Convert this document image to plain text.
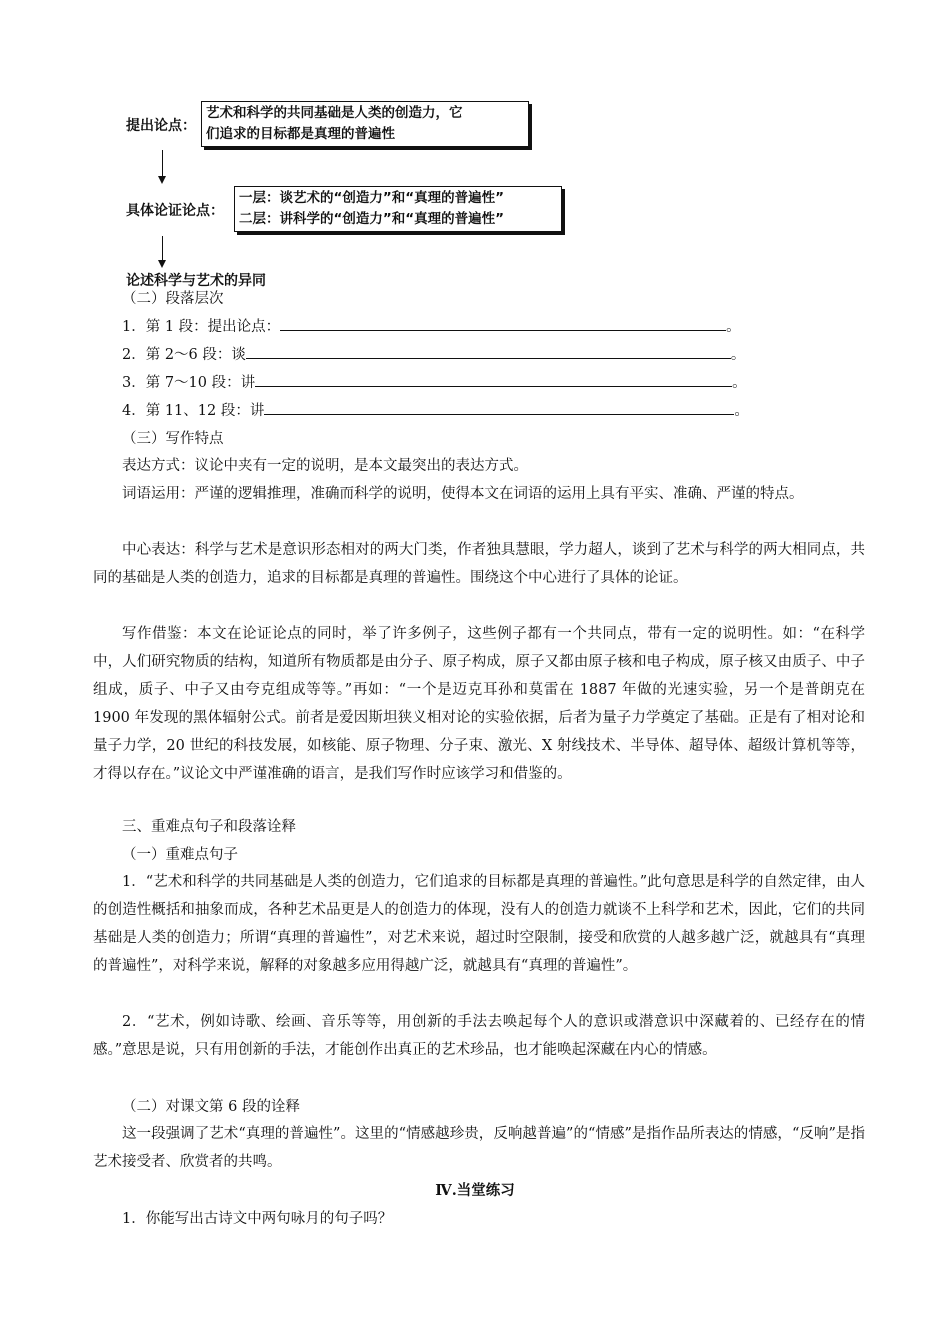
提出论点：
艺术和科学的共同基础是人类的创造力，它
们追求的目标都是真理的普遍性
具体论证论点：
一层：谈艺术的“创造力”和“真理的普遍性”
二层：讲科学的“创造力”和“真理的普遍性”
论述科学与艺术的异同
（二）段落层次
1．第 1 段：提出论点：	。
2．第 2～6 段：谈	。
3．第 7～10 段：讲	。
4．第 11、12 段：讲	。
（三）写作特点
表达方式：议论中夹有一定的说明，是本文最突出的表达方式。
词语运用：严谨的逻辑推理，准确而科学的说明，使得本文在词语的运用上具有平实、准确、严谨的特点。
中心表达：科学与艺术是意识形态相对的两大门类，作者独具慧眼，学力超人，谈到了艺术与科学的两大相同点，共同的基础是人类的创造力，追求的目标都是真理的普遍性。围绕这个中心进行了具体的论证。
写作借鉴：本文在论证论点的同时，举了许多例子，这些例子都有一个共同点，带有一定的说明性。如：“在科学中，人们研究物质的结构，知道所有物质都是由分子、原子构成，原子又都由原子核和电子构成，原子核又由质子、中子组成，质子、中子又由夸克组成等等。”再如：“一个是迈克耳孙和莫雷在 1887 年做的光速实验，另一个是普朗克在 1900 年发现的黑体辐射公式。前者是爱因斯坦狭义相对论的实验依据，后者为量子力学奠定了基础。正是有了相对论和量子力学，20 世纪的科技发展，如核能、原子物理、分子束、激光、X 射线技术、半导体、超导体、超级计算机等等，才得以存在。”议论文中严谨准确的语言，是我们写作时应该学习和借鉴的。
三、重难点句子和段落诠释
（一）重难点句子
1．“艺术和科学的共同基础是人类的创造力，它们追求的目标都是真理的普遍性。”此句意思是科学的自然定律，由人的创造性概括和抽象而成，各种艺术品更是人的创造力的体现，没有人的创造力就谈不上科学和艺术，因此，它们的共同基础是人类的创造力；所谓“真理的普遍性”，对艺术来说，超过时空限制，接受和欣赏的人越多越广泛，就越具有“真理的普遍性”，对科学来说，解释的对象越多应用得越广泛，就越具有“真理的普遍性”。
2．“艺术，例如诗歌、绘画、音乐等等，用创新的手法去唤起每个人的意识或潜意识中深藏着的、已经存在的情感。”意思是说，只有用创新的手法，才能创作出真正的艺术珍品，也才能唤起深藏在内心的情感。
（二）对课文第 6 段的诠释
这一段强调了艺术“真理的普遍性”。这里的“情感越珍贵，反响越普遍”的“情感”是指作品所表达的情感，“反响”是指艺术接受者、欣赏者的共鸣。
Ⅳ.当堂练习
1．你能写出古诗文中两句咏月的句子吗？
